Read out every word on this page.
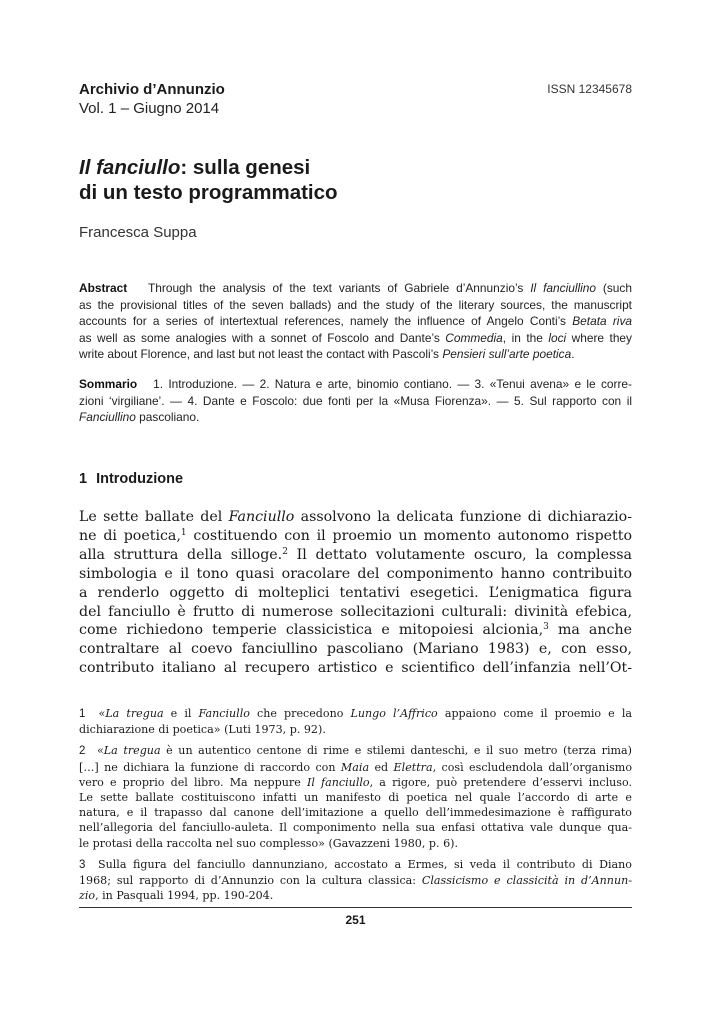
Archivio d’Annunzio
Vol. 1 – Giugno 2014
ISSN 12345678
Il fanciullo: sulla genesi
di un testo programmatico
Francesca Suppa
Abstract Through the analysis of the text variants of Gabriele d’Annunzio’s Il fanciullino (such
as the provisional titles of the seven ballads) and the study of the literary sources, the manuscript
accounts for a series of intertextual references, namely the influence of Angelo Conti’s Betata riva
as well as some analogies with a sonnet of Foscolo and Dante’s Commedia, in the loci where they
write about Florence, and last but not least the contact with Pascoli’s Pensieri sull’arte poetica.
Sommario 1. Introduzione. — 2. Natura e arte, binomio contiano. — 3. «Tenui avena» e le corre-
zioni ‘virgiliane’. — 4. Dante e Foscolo: due fonti per la «Musa Fiorenza». — 5. Sul rapporto con il
Fanciullino pascoliano.
1 Introduzione
Le sette ballate del Fanciullo assolvono la delicata funzione di dichiarazio-
ne di poetica,$^1$ costituendo con il proemio un momento autonomo rispetto
alla struttura della silloge.$^2$ Il dettato volutamente oscuro, la complessa
simbologia e il tono quasi oracolare del componimento hanno contribuito
a renderlo oggetto di molteplici tentativi esegetici. L’enigmatica figura
del fanciullo è frutto di numerose sollecitazioni culturali: divinità efebica,
come richiedono temperie classicistica e mitopoiesi alcionia,$^3$ ma anche
contraltare al coevo fanciullino pascoliano (Mariano 1983) e, con esso,
contributo italiano al recupero artistico e scientifico dell’infanzia nell’Ot-
1 «La tregua e il Fanciullo che precedono Lungo l’Affrico appaiono come il proemio e la
dichiarazione di poetica» (Luti 1973, p. 92).
2 «La tregua è un autentico centone di rime e stilemi danteschi, e il suo metro (terza rima)
[…] ne dichiara la funzione di raccordo con Maia ed Elettra, così escludendola dall’organismo
vero e proprio del libro. Ma neppure Il fanciullo, a rigore, può pretendere d’esservi incluso.
Le sette ballate costituiscono infatti un manifesto di poetica nel quale l’accordo di arte e
natura, e il trapasso dal canone dell’imitazione a quello dell’immedesimazione è raffigurato
nell’allegoria del fanciullo-auleta. Il componimento nella sua enfasi ottativa vale dunque qua-
le protasi della raccolta nel suo complesso» (Gavazzeni 1980, p. 6).
3 Sulla figura del fanciullo dannunziano, accostato a Ermes, si veda il contributo di Diano
1968; sul rapporto di d’Annunzio con la cultura classica: Classicismo e classicità in d’Annun-
zio, in Pasquali 1994, pp. 190-204.
251
